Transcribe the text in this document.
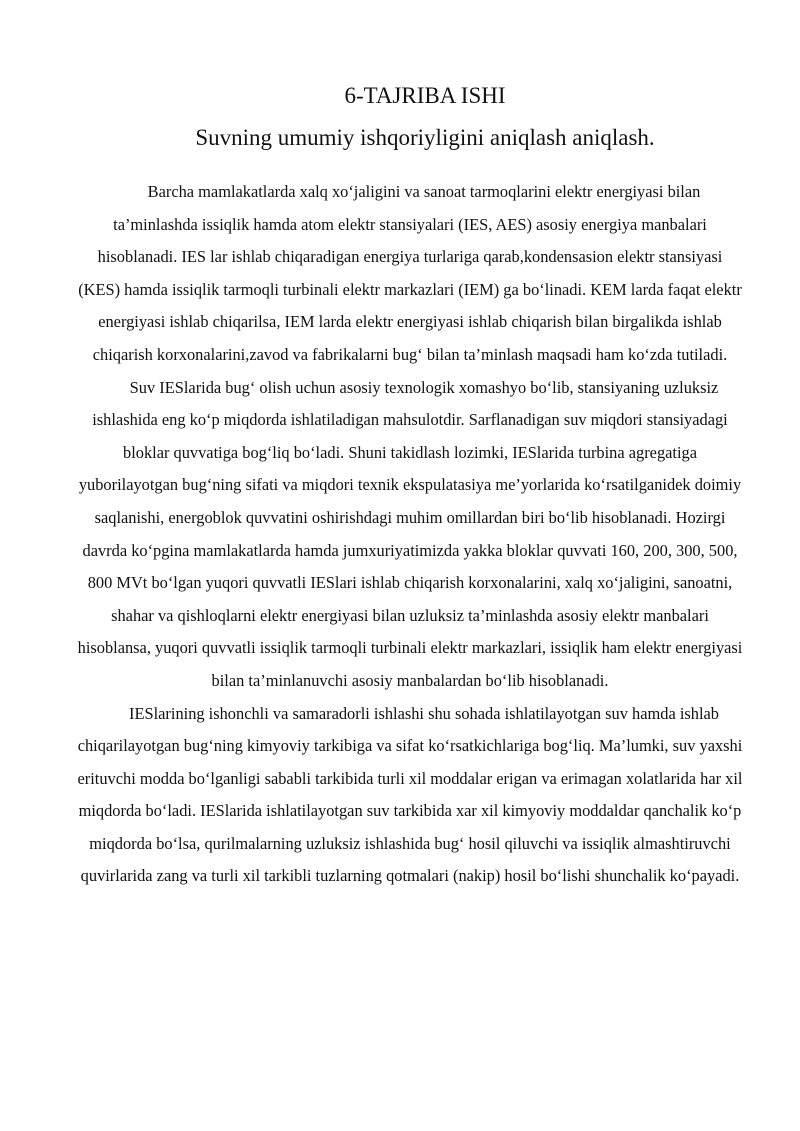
6-TAJRIBA ISHI
Suvning umumiy ishqoriyligini aniqlash aniqlash.

Barcha mamlakatlarda xalq xo‘jaligini va sanoat tarmoqlarini elektr energiyasi bilan ta’minlashda issiqlik hamda atom elektr stansiyalari (IES, AES) asosiy energiya manbalari hisoblanadi. IES lar ishlab chiqaradigan energiya turlariga qarab,kondensasion elektr stansiyasi (KES) hamda issiqlik tarmoqli turbinali elektr markazlari (IEM) ga bo‘linadi. KEM larda faqat elektr energiyasi ishlab chiqarilsa, IEM larda elektr energiyasi ishlab chiqarish bilan birgalikda ishlab chiqarish korxonalarini,zavod va fabrikalarni bug‘ bilan ta’minlash maqsadi ham ko‘zda tutiladi.

Suv IESlarida bug‘ olish uchun asosiy texnologik xomashyo bo‘lib, stansiyaning uzluksiz ishlashida eng ko‘p miqdorda ishlatiladigan mahsulotdir. Sarflanadigan suv miqdori stansiyadagi bloklar quvvatiga bog‘liq bo‘ladi. Shuni takidlash lozimki, IESlarida turbina agregatiga yuborilayotgan bug‘ning sifati va miqdori texnik ekspulatasiya me’yorlarida ko‘rsatilganidek doimiy saqlanishi, energoblok quvvatini oshirishdagi muhim omillardan biri bo‘lib hisoblanadi. Hozirgi davrda ko‘pgina mamlakatlarda hamda jumxuriyatimizda yakka bloklar quvvati 160, 200, 300, 500, 800 MVt bo‘lgan yuqori quvvatli IESlari ishlab chiqarish korxonalarini, xalq xo‘jaligini, sanoatni, shahar va qishloqlarni elektr energiyasi bilan uzluksiz ta’minlashda asosiy elektr manbalari hisoblansa, yuqori quvvatli issiqlik tarmoqli turbinali elektr markazlari, issiqlik ham elektr energiyasi bilan ta’minlanuvchi asosiy manbalardan bo‘lib hisoblanadi.

IESlarining ishonchli va samaradorli ishlashi shu sohada ishlatilayotgan suv hamda ishlab chiqarilayotgan bug‘ning kimyoviy tarkibiga va sifat ko‘rsatkichlariga bog‘liq. Ma’lumki, suv yaxshi erituvchi modda bo‘lganligi sababli tarkibida turli xil moddalar erigan va erimagan xolatlarida har xil miqdorda bo‘ladi. IESlarida ishlatilayotgan suv tarkibida xar xil kimyoviy moddaldar qanchalik ko‘p miqdorda bo‘lsa, qurilmalarning uzluksiz ishlashida bug‘ hosil qiluvchi va issiqlik almashtiruvchi quvirlarida zang va turli xil tarkibli tuzlarning qotmalari (nakip) hosil bo‘lishi shunchalik ko‘payadi.
